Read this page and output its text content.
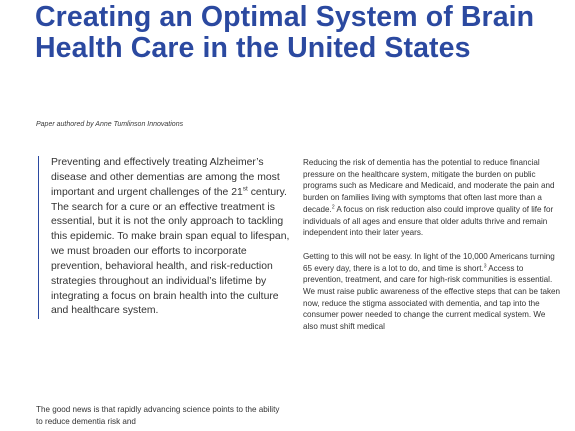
Creating an Optimal System of Brain Health Care in the United States

Paper authored by Anne Tumlinson Innovations

Preventing and effectively treating Alzheimer’s disease and other dementias are among the most important and urgent challenges of the 21st century. The search for a cure or an effective treatment is essential, but it is not the only approach to tackling this epidemic. To make brain span equal to lifespan, we must broaden our efforts to incorporate prevention, behavioral health, and risk-reduction strategies throughout an individual’s lifetime by integrating a focus on brain health into the culture and healthcare system.

The good news is that rapidly advancing science points to the ability to reduce dementia risk and

Reducing the risk of dementia has the potential to reduce financial pressure on the healthcare system, mitigate the burden on public programs such as Medicare and Medicaid, and moderate the pain and burden on families living with symptoms that often last more than a decade.$^2$ A focus on risk reduction also could improve quality of life for individuals of all ages and ensure that older adults thrive and remain independent into their later years.

Getting to this will not be easy. In light of the 10,000 Americans turning 65 every day, there is a lot to do, and time is short.$^3$ Access to prevention, treatment, and care for high-risk communities is essential. We must raise public awareness of the effective steps that can be taken now, reduce the stigma associated with dementia, and tap into the consumer power needed to change the current medical system. We also must shift medical
